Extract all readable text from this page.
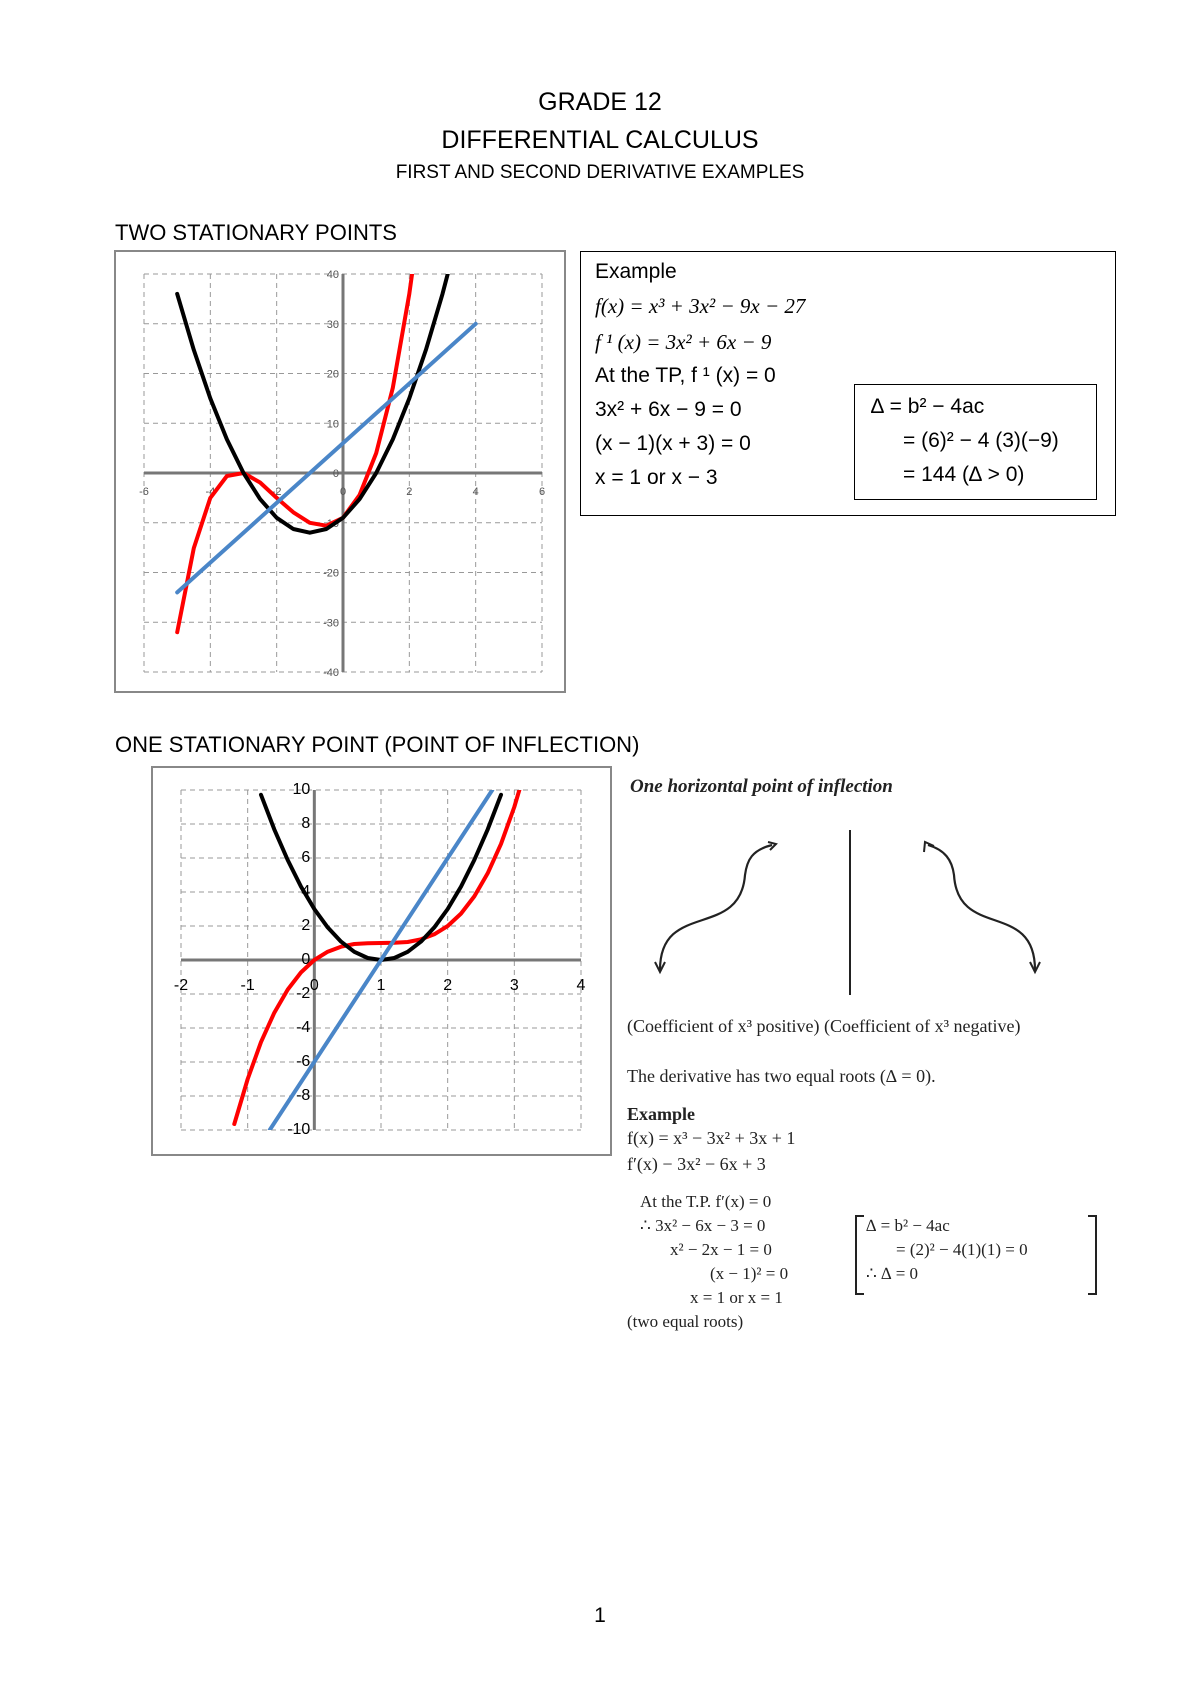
GRADE 12
DIFFERENTIAL CALCULUS
FIRST AND SECOND DERIVATIVE EXAMPLES
TWO STATIONARY POINTS
-6	-4	-2	0	2	4	6
40
30
20
10
0
-10
-20
-30
-40
Example
f(x) = x³ + 3x² − 9x − 27
f ¹ (x) = 3x² + 6x − 9
At the TP, f ¹ (x) = 0
3x² + 6x − 9 = 0
(x − 1)(x + 3) = 0
x = 1 or x − 3
∆ = b² − 4ac
= (6)² − 4 (3)(−9)
= 144 (∆ > 0)
ONE STATIONARY POINT (POINT OF INFLECTION)
-2	-1	0	1	2	3	4
10
8
6
4
2
0
-2
-4
-6
-8
-10
One horizontal point of inflection
(Coefficient of x³ positive) (Coefficient of x³ negative)
The derivative has two equal roots (∆ = 0).
Example
f(x) = x³ − 3x² + 3x + 1
f′(x) − 3x² − 6x + 3
At the T.P. f′(x) = 0
∴ 3x² − 6x − 3 = 0
x² − 2x − 1 = 0
(x − 1)² = 0
x = 1 or x = 1
(two equal roots)
∆ = b² − 4ac
= (2)² − 4(1)(1) = 0
∴ ∆ = 0
1
